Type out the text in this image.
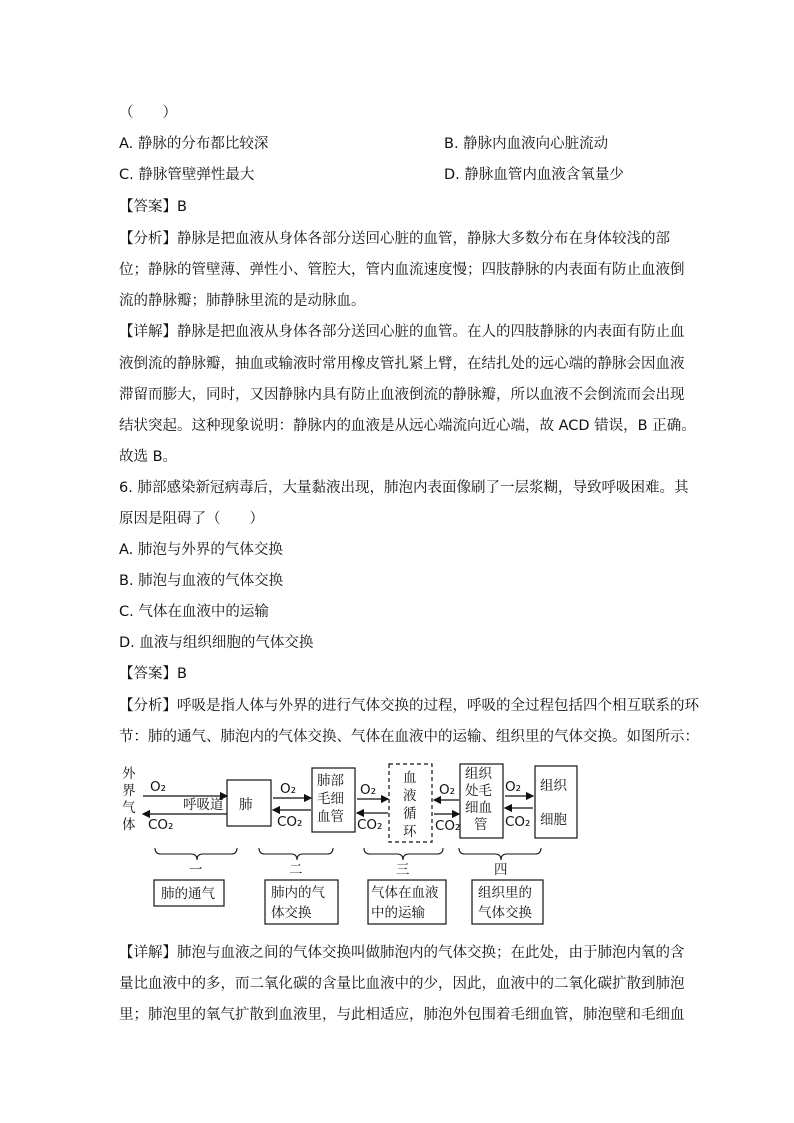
（　　）
A. 静脉的分布都比较深	B. 静脉内血液向心脏流动
C. 静脉管壁弹性最大	D. 静脉血管内血液含氧量少
【答案】B
【分析】静脉是把血液从身体各部分送回心脏的血管，静脉大多数分布在身体较浅的部
位；静脉的管壁薄、弹性小、管腔大，管内血流速度慢；四肢静脉的内表面有防止血液倒
流的静脉瓣；肺静脉里流的是动脉血。
【详解】静脉是把血液从身体各部分送回心脏的血管。在人的四肢静脉的内表面有防止血
液倒流的静脉瓣，抽血或输液时常用橡皮管扎紧上臂，在结扎处的远心端的静脉会因血液
滞留而膨大，同时，又因静脉内具有防止血液倒流的静脉瓣，所以血液不会倒流而会出现
结状突起。这种现象说明：静脉内的血液是从远心端流向近心端，故 ACD 错误，B 正确。
故选 B。
6. 肺部感染新冠病毒后，大量黏液出现，肺泡内表面像刷了一层浆糊，导致呼吸困难。其
原因是阻碍了（　　）
A. 肺泡与外界的气体交换
B. 肺泡与血液的气体交换
C. 气体在血液中的运输
D. 血液与组织细胞的气体交换
【答案】B
【分析】呼吸是指人体与外界的进行气体交换的过程，呼吸的全过程包括四个相互联系的环
节：肺的通气、肺泡内的气体交换、气体在血液中的运输、组织里的气体交换。如图所示：
外
界
气
体
O₂
呼吸道
CO₂
肺
O₂
CO₂
肺部
毛细
血管
O₂
CO₂
血
液
循
环
O₂
CO₂
组织
处毛
细血
管
O₂
CO₂
组织
细胞
一	二	三	四
肺的通气	肺内的气
体交换
气体在血液
中的运输
组织里的
气体交换
【详解】肺泡与血液之间的气体交换叫做肺泡内的气体交换；在此处，由于肺泡内氧的含
量比血液中的多，而二氧化碳的含量比血液中的少，因此，血液中的二氧化碳扩散到肺泡
里；肺泡里的氧气扩散到血液里，与此相适应，肺泡外包围着毛细血管，肺泡壁和毛细血
